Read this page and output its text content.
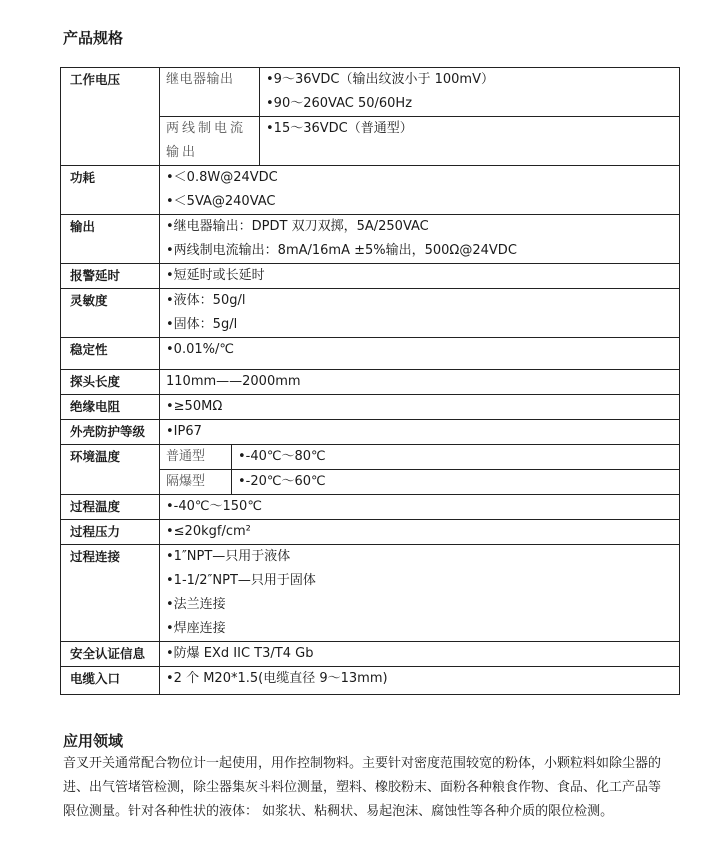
产品规格
工作电压	继电器输出		•9～36VDC（输出纹波小于 100mV）
•90～260VAC 50/60Hz

	两线制电流输出		•15～36VDC（普通型）

功耗	•＜0.8W@24VDC
•＜5VA@240VAC		

输出	•继电器输出：DPDT 双刀双掷，5A/250VAC
•两线制电流输出：8mA/16mA ±5%输出，500Ω@24VDC		

报警延时	•短延时或长延时		

灵敏度	•液体：50g/l
•固体：5g/l		

稳定性	•0.01%/℃		

探头长度	110mm——2000mm		

绝缘电阻	•≥50MΩ		

外壳防护等级	•IP67		

环境温度	普通型	•-40℃～80℃	

	隔爆型	•-20℃～60℃	

过程温度	•-40℃～150℃		

过程压力	•≤20kgf/cm²		

过程连接	•1″NPT—只用于液体
•1-1/2″NPT—只用于固体
•法兰连接
•焊座连接		

安全认证信息	•防爆 EXd IIC T3/T4 Gb		

电缆入口	•2 个 M20*1.5(电缆直径 9～13mm)		
应用领域

音叉开关通常配合物位计一起使用，用作控制物料。主要针对密度范围较宽的粉体，小颗粒料如除尘器的进、出气管堵管检测，除尘器集灰斗料位测量，塑料、橡胶粉末、面粉各种粮食作物、食品、化工产品等限位测量。针对各种性状的液体： 如浆状、粘稠状、易起泡沫、腐蚀性等各种介质的限位检测。
